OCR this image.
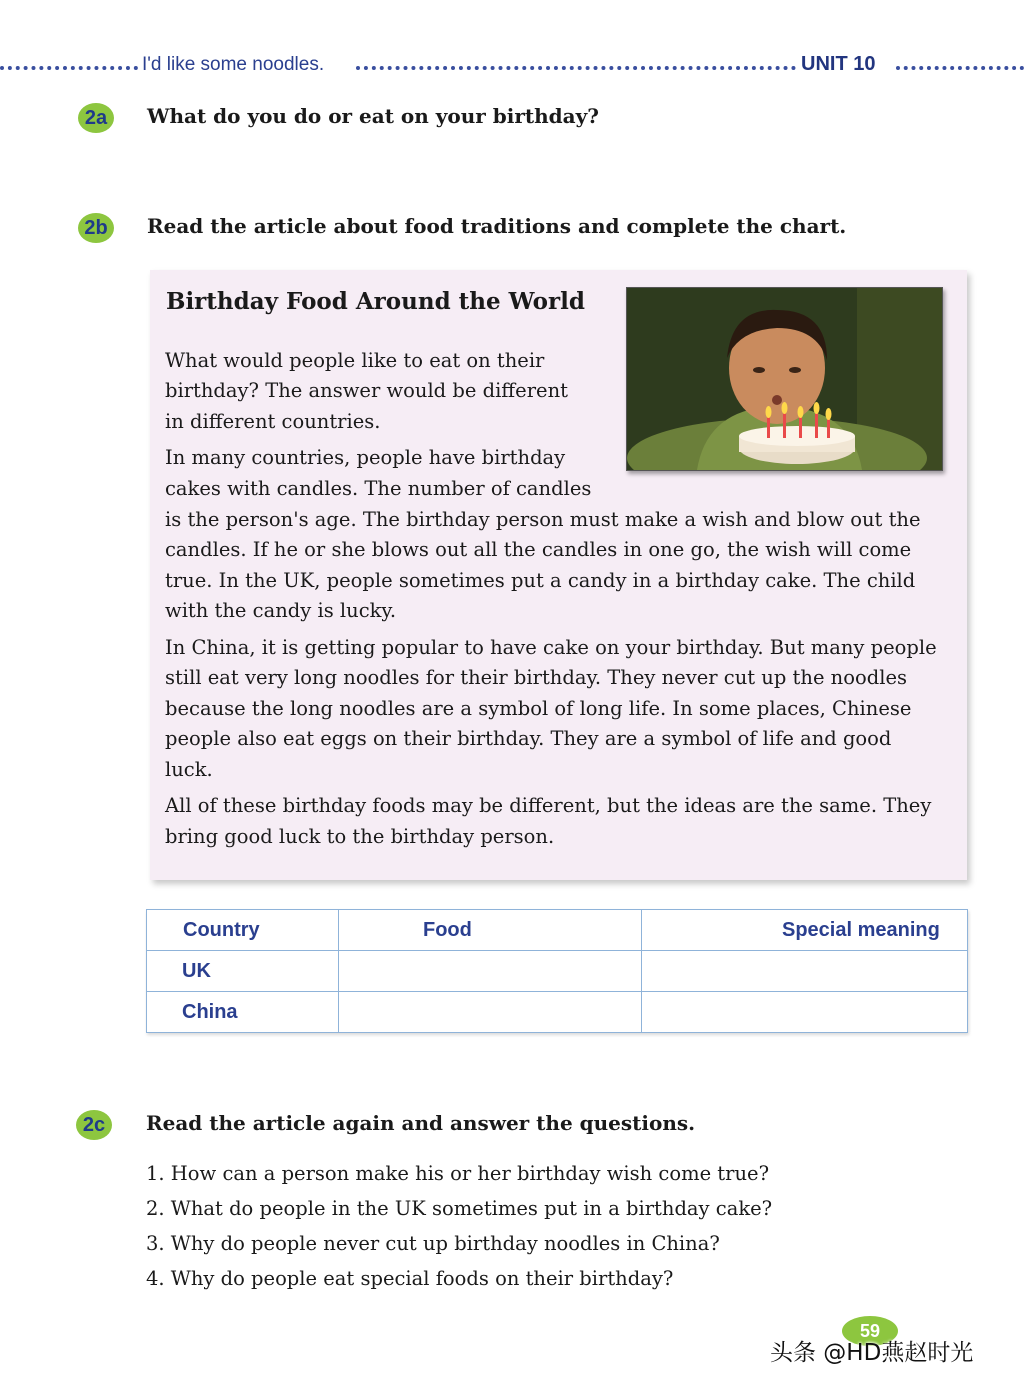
I'd like some noodles.	UNIT 10
2a	What do you do or eat on your birthday?
2b	Read the article about food traditions and complete the chart.
Birthday Food Around the World

What would people like to eat on their

birthday? The answer would be different

in different countries.

In many countries, people have birthday

cakes with candles. The number of candles

is the person's age. The birthday person must make a wish and blow out the

candles. If he or she blows out all the candles in one go, the wish will come

true. In the UK, people sometimes put a candy in a birthday cake. The child

with the candy is lucky.

In China, it is getting popular to have cake on your birthday. But many people

still eat very long noodles for their birthday. They never cut up the noodles

because the long noodles are a symbol of long life. In some places, Chinese

people also eat eggs on their birthday. They are a symbol of life and good

luck.

All of these birthday foods may be different, but the ideas are the same. They

bring good luck to the birthday person.

Country	Food	Special meaning
UK		
China		
2c	Read the article again and answer the questions.
1. How can a person make his or her birthday wish come true?
2. What do people in the UK sometimes put in a birthday cake?
3. Why do people never cut up birthday noodles in China?
4. Why do people eat special foods on their birthday?
59
头条 @HD燕赵时光
